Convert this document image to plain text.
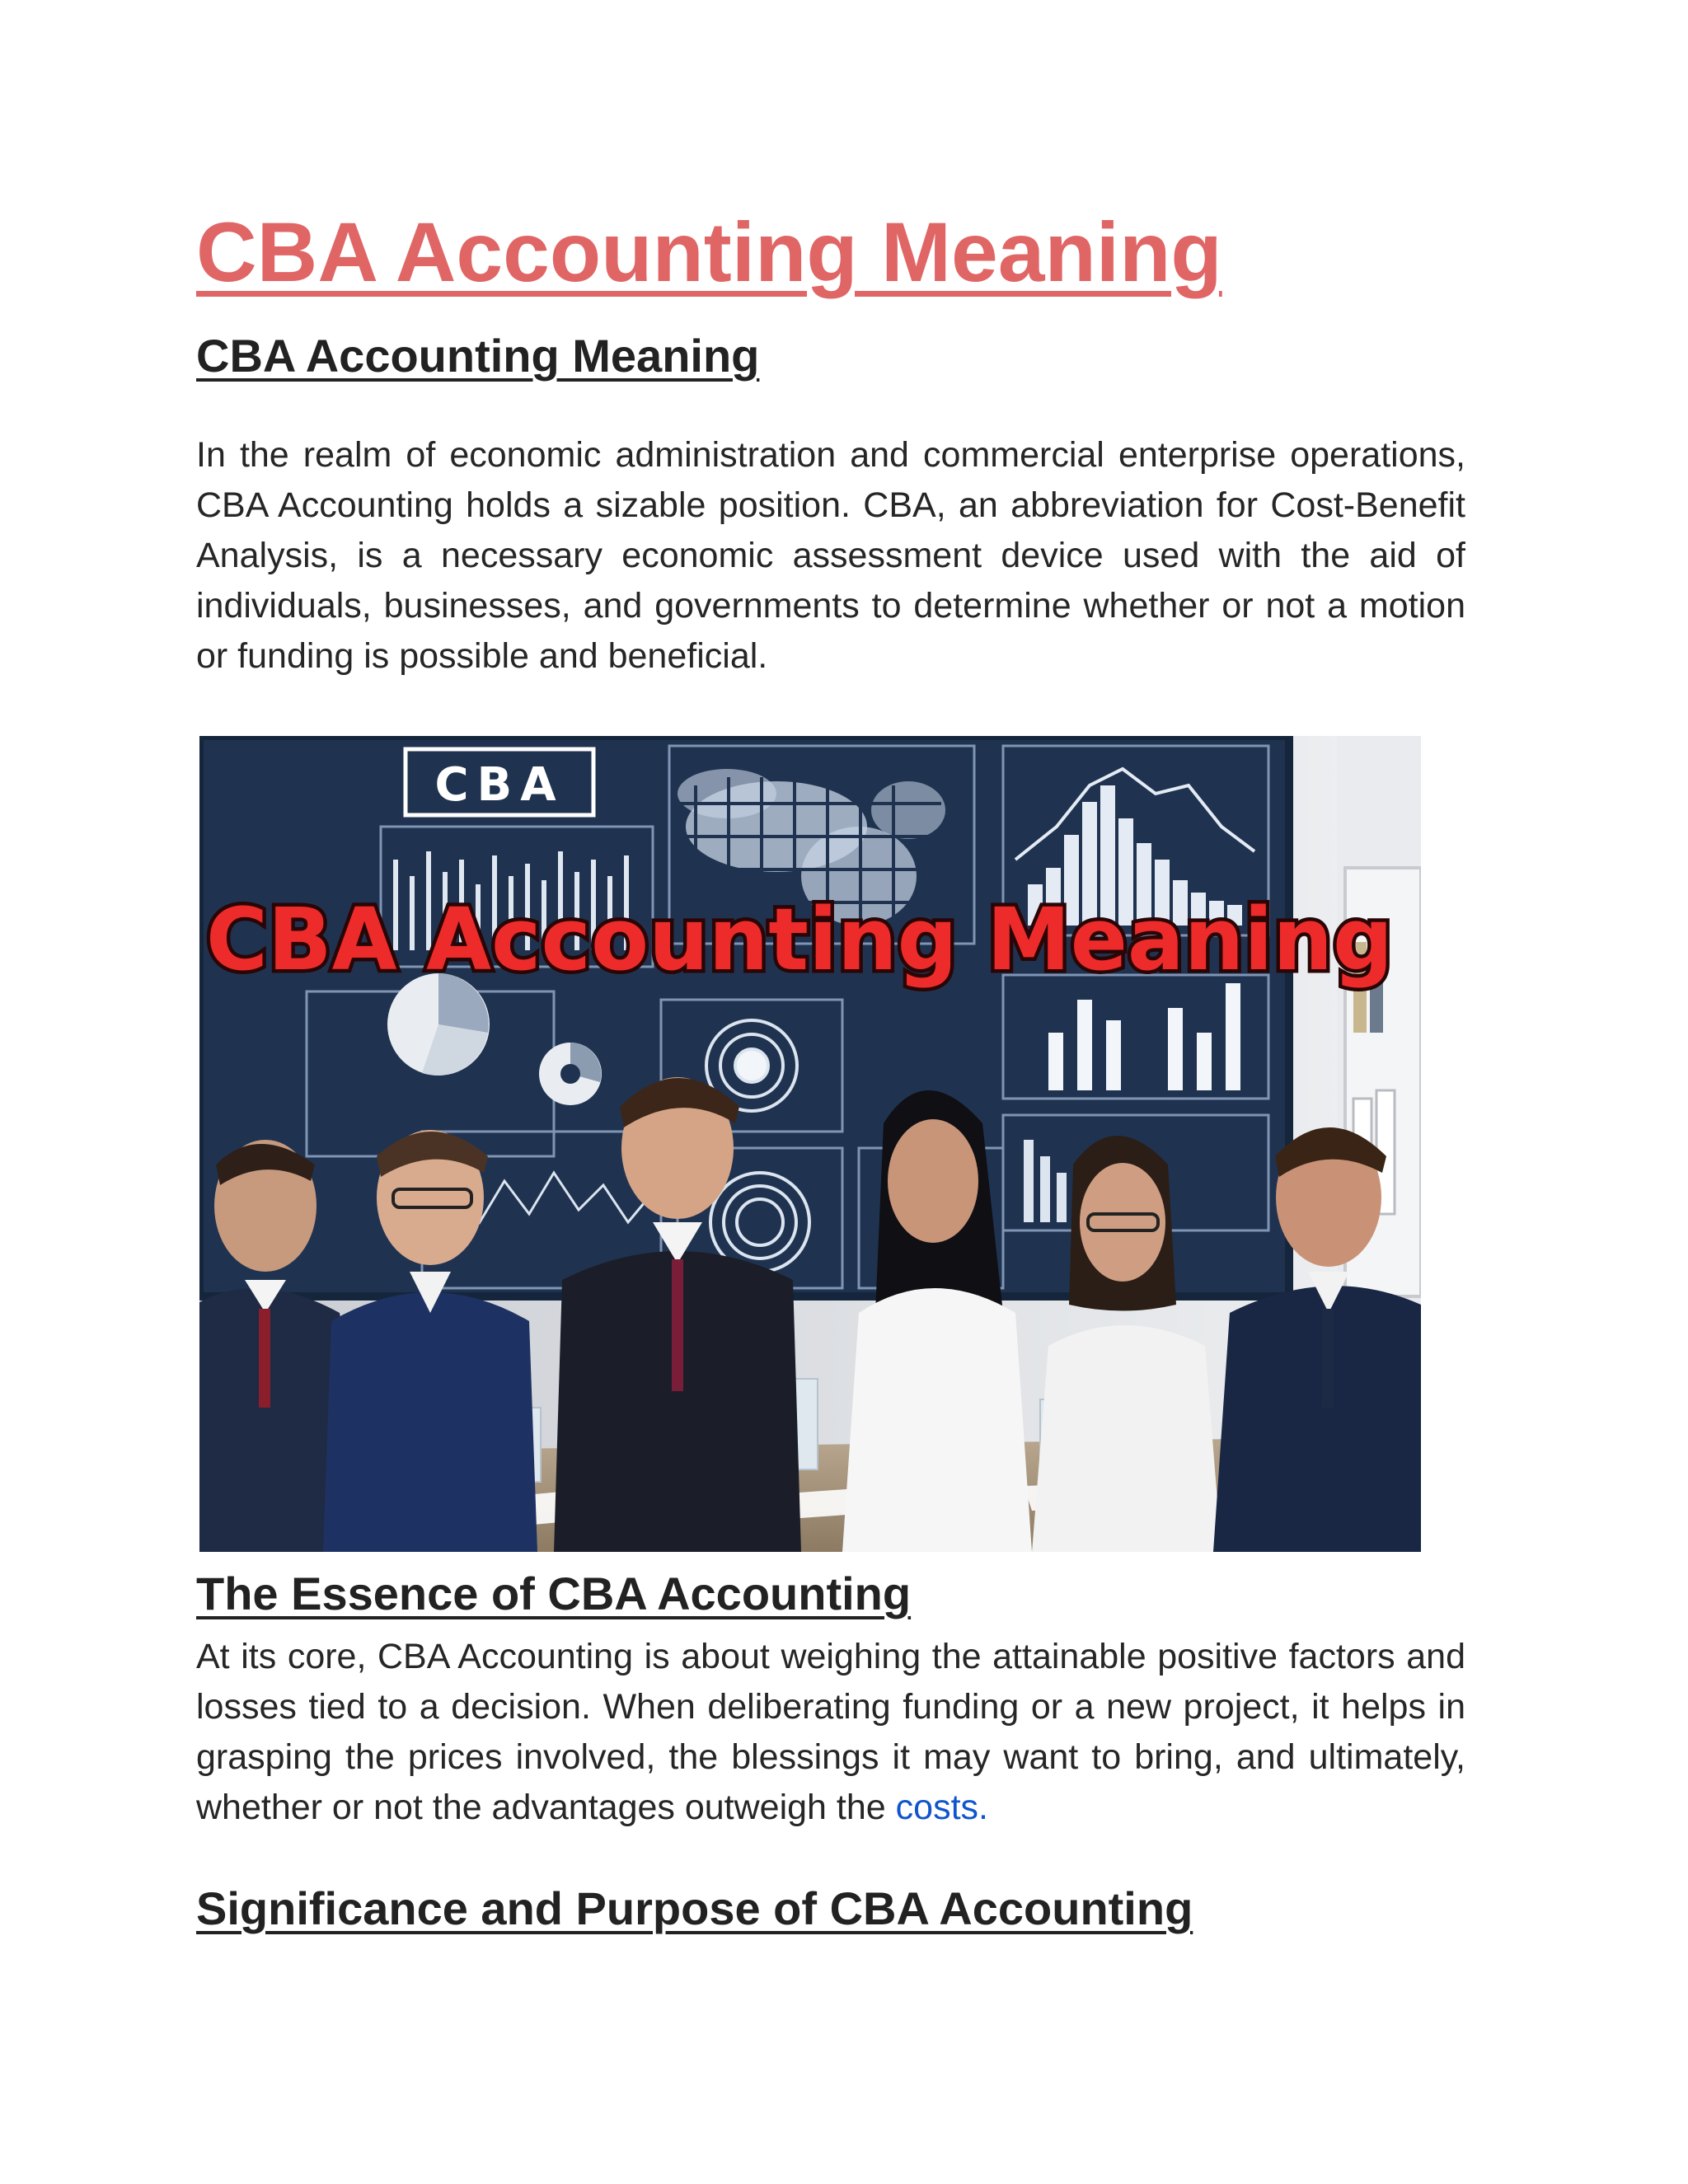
CBA Accounting Meaning
CBA Accounting Meaning

In the realm of economic administration and commercial enterprise operations, CBA Accounting holds a sizable position. CBA, an abbreviation for Cost-Benefit Analysis, is a necessary economic assessment device used with the aid of individuals, businesses, and governments to determine whether or not a motion or funding is possible and beneficial.

CBA
CBA Accounting Meaning
The Essence of CBA Accounting

At its core, CBA Accounting is about weighing the attainable positive factors and losses tied to a decision. When deliberating funding or a new project, it helps in grasping the prices involved, the blessings it may want to bring, and ultimately, whether or not the advantages outweigh the costs.

Significance and Purpose of CBA Accounting
